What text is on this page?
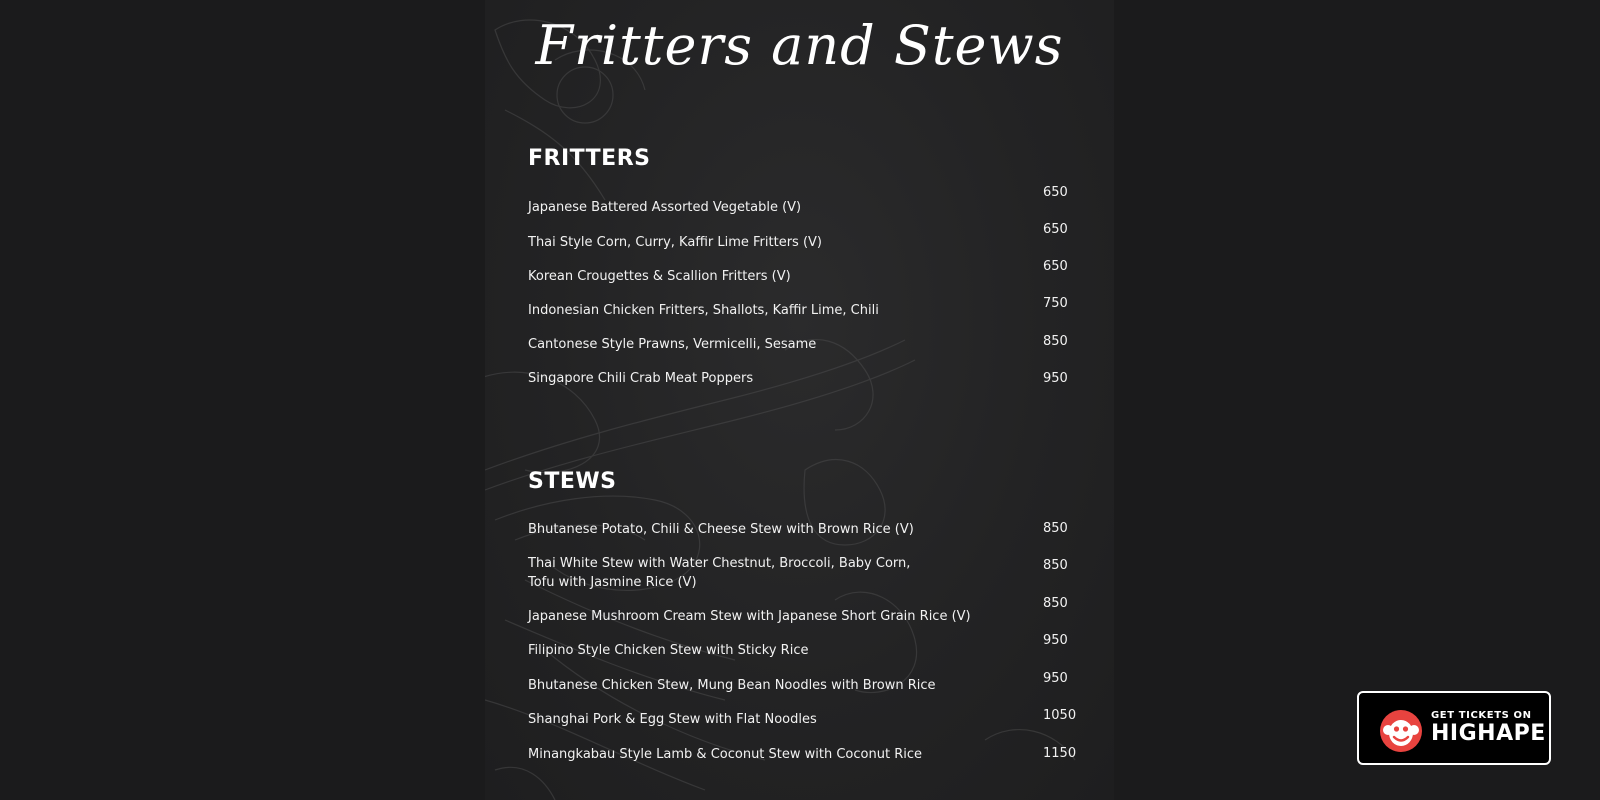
Fritters and Stews
FRITTERS
Japanese Battered Assorted Vegetable (V)
650
Thai Style Corn, Curry, Kaffir Lime Fritters (V)
650
Korean Crougettes & Scallion Fritters (V)
650
Indonesian Chicken Fritters, Shallots, Kaffir Lime, Chili	750
Cantonese Style Prawns, Vermicelli, Sesame	850
Singapore Chili Crab Meat Poppers	950
STEWS
Bhutanese Potato, Chili & Cheese Stew with Brown Rice (V)	850
Thai White Stew with Water Chestnut, Broccoli, Baby Corn,
Tofu with Jasmine Rice (V)
850
Japanese Mushroom Cream Stew with Japanese Short Grain Rice (V)
850
Filipino Style Chicken Stew with Sticky Rice
950
Bhutanese Chicken Stew, Mung Bean Noodles with Brown Rice	950
Shanghai Pork & Egg Stew with Flat Noodles	1050
Minangkabau Style Lamb & Coconut Stew with Coconut Rice	1150
GET TICKETS ON
HIGHAPE
